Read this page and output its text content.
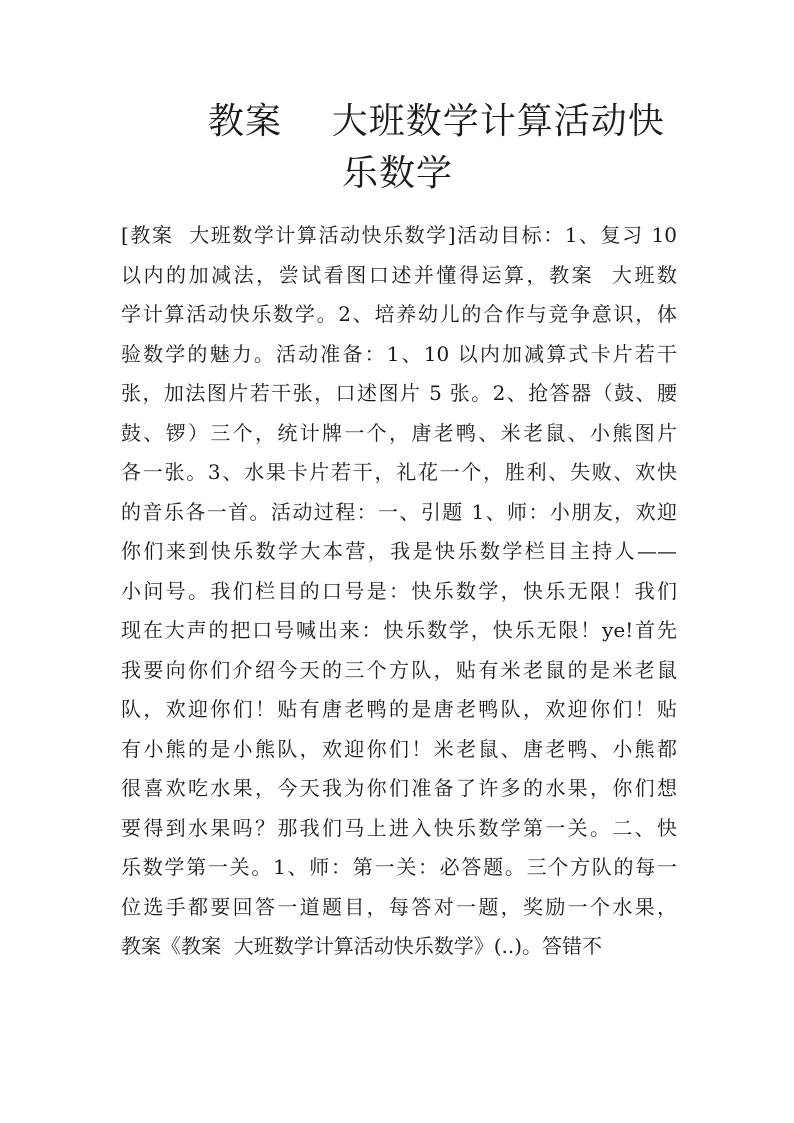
教案    大班数学计算活动快
乐数学
[教案  大班数学计算活动快乐数学]活动目标：1、复习 10
以内的加减法，尝试看图口述并懂得运算，教案  大班数
学计算活动快乐数学。2、培养幼儿的合作与竞争意识，体
验数学的魅力。活动准备：1、10 以内加减算式卡片若干
张，加法图片若干张，口述图片 5 张。2、抢答器（鼓、腰
鼓、锣）三个，统计牌一个，唐老鸭、米老鼠、小熊图片
各一张。3、水果卡片若干，礼花一个，胜利、失败、欢快
的音乐各一首。活动过程：一、引题 1、师：小朋友，欢迎
你们来到快乐数学大本营，我是快乐数学栏目主持人——
小问号。我们栏目的口号是：快乐数学，快乐无限！我们
现在大声的把口号喊出来：快乐数学，快乐无限！ye!首先
我要向你们介绍今天的三个方队，贴有米老鼠的是米老鼠
队，欢迎你们！贴有唐老鸭的是唐老鸭队，欢迎你们！贴
有小熊的是小熊队，欢迎你们！米老鼠、唐老鸭、小熊都
很喜欢吃水果，今天我为你们准备了许多的水果，你们想
要得到水果吗？那我们马上进入快乐数学第一关。二、快
乐数学第一关。1、师：第一关：必答题。三个方队的每一
位选手都要回答一道题目，每答对一题，奖励一个水果，
教案《教案  大班数学计算活动快乐数学》(..)。答错不
